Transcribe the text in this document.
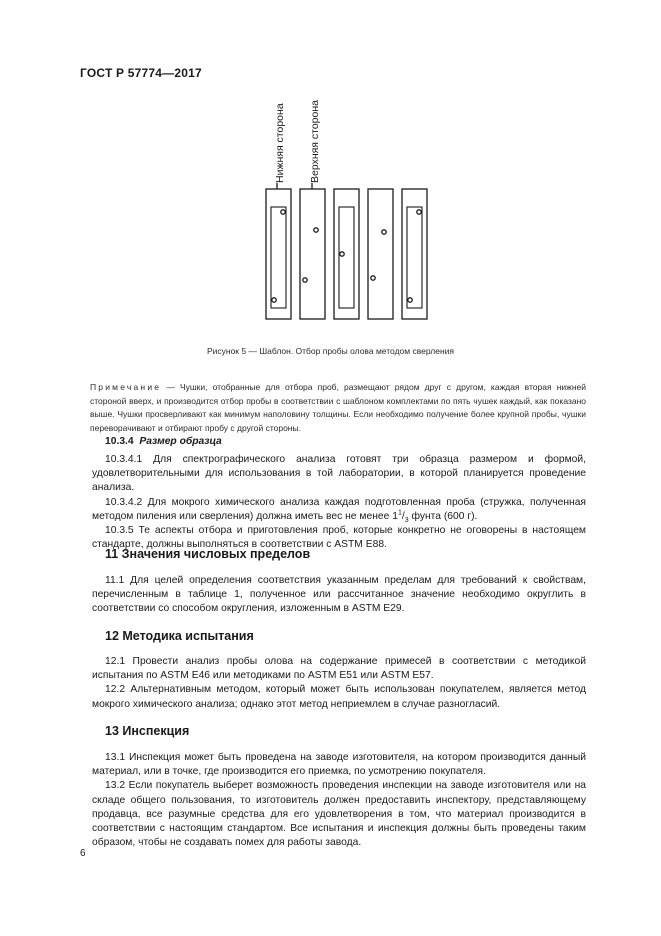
ГОСТ Р 57774—2017
Нижняя сторона Верхняя сторона
Рисунок 5 — Шаблон. Отбор пробы олова методом сверления
Примечание — Чушки, отобранные для отбора проб, размещают рядом друг с другом, каждая вторая нижней стороной вверх, и производится отбор пробы в соответствии с шаблоном комплектами по пять чушек каждый, как показано выше. Чушки просверливают как минимум наполовину толщины. Если необходимо получение более крупной пробы, чушки переворачивают и отбирают пробу с другой стороны.
10.3.4 Размер образца

10.3.4.1 Для спектрографического анализа готовят три образца размером и формой, удовлетворительными для использования в той лаборатории, в которой планируется проведение анализа.

10.3.4.2 Для мокрого химического анализа каждая подготовленная проба (стружка, полученная методом пиления или сверления) должна иметь вес не менее $1^1/_3$ фунта (600 г).

10.3.5 Те аспекты отбора и приготовления проб, которые конкретно не оговорены в настоящем стандарте, должны выполняться в соответствии с ASTM E88.

11 Значения числовых пределов

11.1 Для целей определения соответствия указанным пределам для требований к свойствам, перечисленным в таблице 1, полученное или рассчитанное значение необходимо округлить в соответствии со способом округления, изложенным в ASTM E29.

12 Методика испытания

12.1 Провести анализ пробы олова на содержание примесей в соответствии с методикой испытания по ASTM E46 или методиками по ASTM E51 или ASTM E57.

12.2 Альтернативным методом, который может быть использован покупателем, является метод мокрого химического анализа; однако этот метод неприемлем в случае разногласий.

13 Инспекция

13.1 Инспекция может быть проведена на заводе изготовителя, на котором производится данный материал, или в точке, где производится его приемка, по усмотрению покупателя.

13.2 Если покупатель выберет возможность проведения инспекции на заводе изготовителя или на складе общего пользования, то изготовитель должен предоставить инспектору, представляющему продавца, все разумные средства для его удовлетворения в том, что материал производится в соответствии с настоящим стандартом. Все испытания и инспекция должны быть проведены таким образом, чтобы не создавать помех для работы завода.

6
